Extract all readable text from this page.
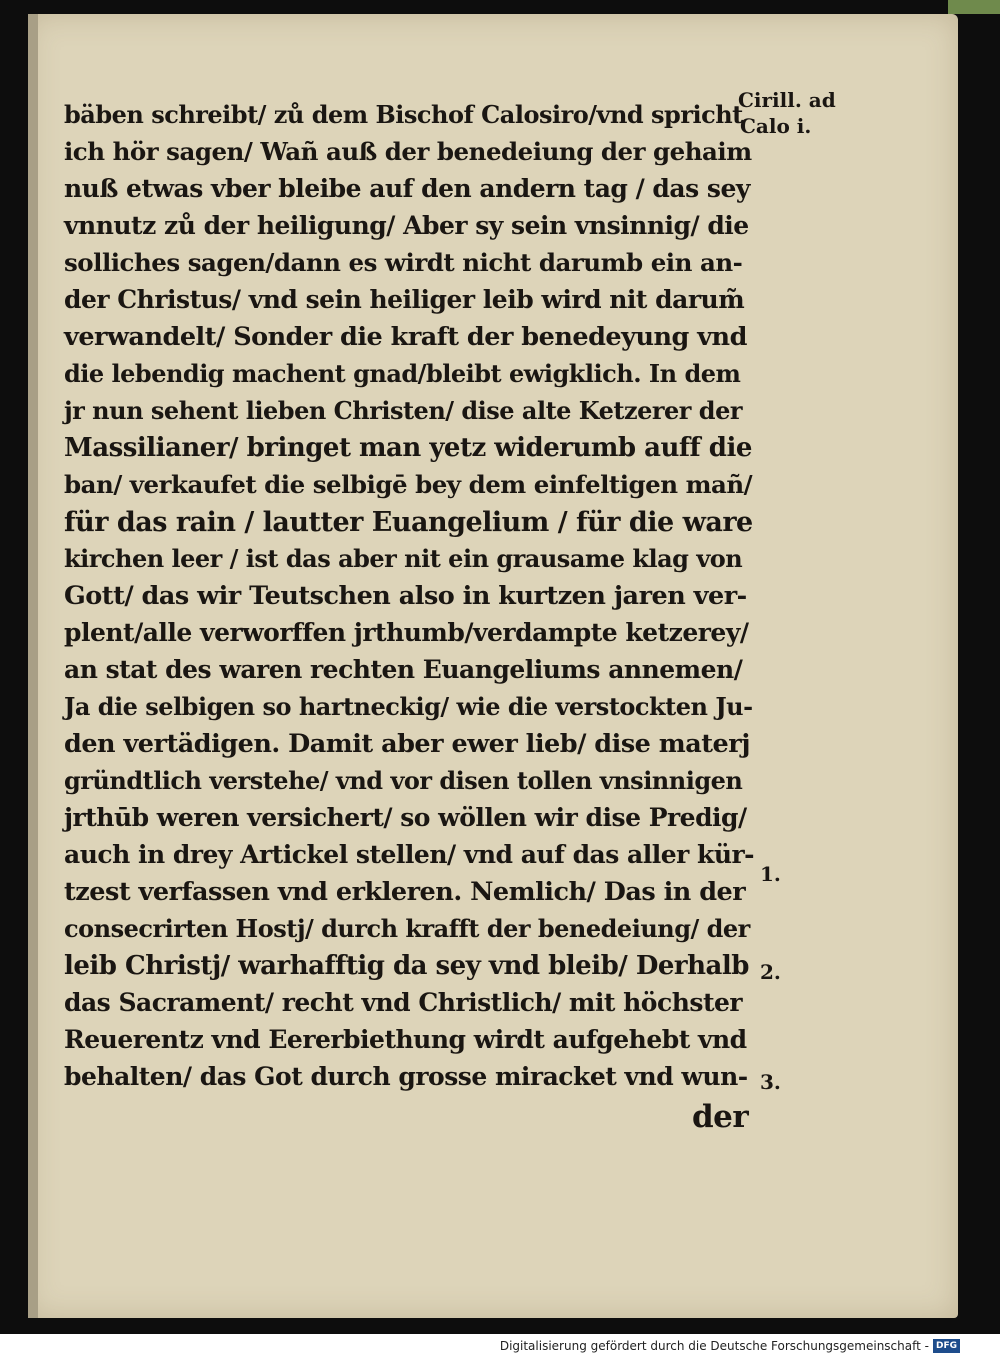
bäben schreibt/ zů dem Bischof Calosiro/vnd spricht
ich hör sagen/ Wañ auß der benedeiung der gehaim
nuß etwas vber bleibe auf den andern tag / das sey
vnnutz zů der heiligung/ Aber sy sein vnsinnig/ die
solliches sagen/dann es wirdt nicht darumb ein an-
der Christus/ vnd sein heiliger leib wird nit darum̃
verwandelt/ Sonder die kraft der benedeyung vnd
die lebendig machent gnad/bleibt ewigklich. In dem
jr nun sehent lieben Christen/ dise alte Ketzerer der
Massilianer/ bringet man yetz widerumb auff die
ban/ verkaufet die selbigē bey dem einfeltigen mañ/
für das rain / lautter Euangelium / für die ware
kirchen leer / ist das aber nit ein grausame klag von
Gott/ das wir Teutschen also in kurtzen jaren ver-
plent/alle verworffen jrthumb/verdampte ketzerey/
an stat des waren rechten Euangeliums annemen/
Ja die selbigen so hartneckig/ wie die verstockten Ju-
den vertädigen. Damit aber ewer lieb/ dise materj
gründtlich verstehe/ vnd vor disen tollen vnsinnigen
jrthūb weren versichert/ so wöllen wir dise Predig/
auch in drey Artickel stellen/ vnd auf das aller kür-
tzest verfassen vnd erkleren. Nemlich/ Das in der
consecrirten Hostj/ durch krafft der benedeiung/ der
leib Christj/ warhafftig da sey vnd bleib/ Derhalb
das Sacrament/ recht vnd Christlich/ mit höchster
Reuerentz vnd Eererbiethung wirdt aufgehebt vnd
behalten/ das Got durch grosse miracket vnd wun-
der
Cirill. ad
Calo i.
1.
2.
3.
Digitalisierung gefördert durch die Deutsche Forschungsgemeinschaft - DFG
